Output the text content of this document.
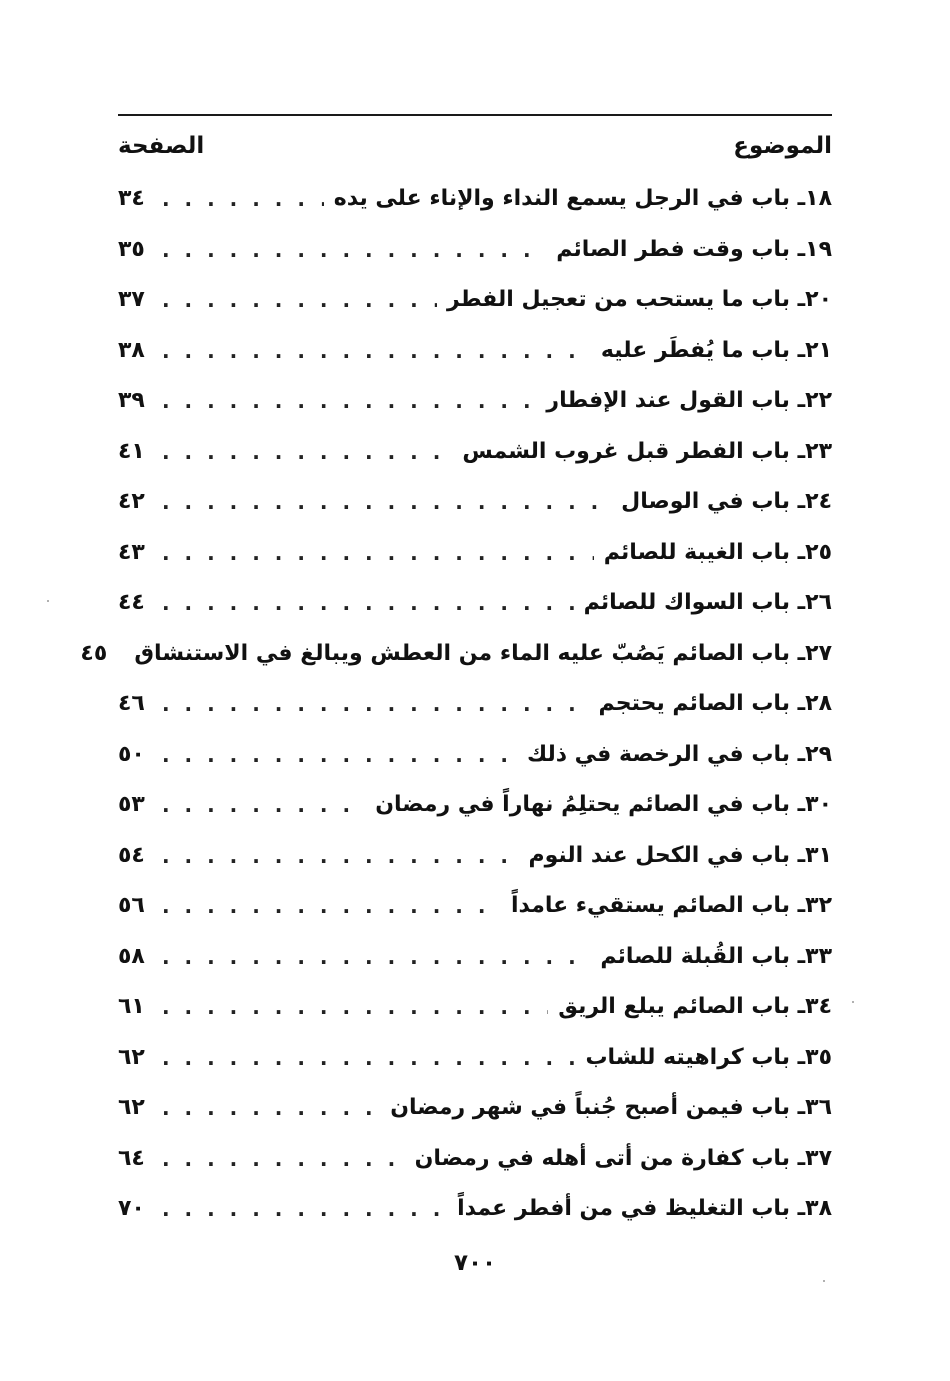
الموضوع
الصفحة
١٨ـ باب في الرجل يسمع النداء والإناء على يده
. . .
٣٤
١٩ـ باب وقت فطر الصائم
. . .
٣٥
٢٠ـ باب ما يستحب من تعجيل الفطر
. . .
٣٧
٢١ـ باب ما يُفطَر عليه
. . .
٣٨
٢٢ـ باب القول عند الإفطار
. . .
٣٩
٢٣ـ باب الفطر قبل غروب الشمس
. . .
٤١
٢٤ـ باب في الوصال
. . .
٤٢
٢٥ـ باب الغيبة للصائم
. . .
٤٣
٢٦ـ باب السواك للصائم
. . .
٤٤
٢٧ـ باب الصائم يَصُبّ عليه الماء من العطش ويبالغ في الاستنشاق
٤٥
٢٨ـ باب الصائم يحتجم
. . .
٤٦
٢٩ـ باب في الرخصة في ذلك
. . .
٥٠
٣٠ـ باب في الصائم يحتلِمُ نهاراً في رمضان
. . .
٥٣
٣١ـ باب في الكحل عند النوم
. . .
٥٤
٣٢ـ باب الصائم يستقيء عامداً
. . .
٥٦
٣٣ـ باب القُبلة للصائم
. . .
٥٨
٣٤ـ باب الصائم يبلع الريق
. . .
٦١
٣٥ـ باب كراهيته للشاب
. . .
٦٢
٣٦ـ باب فيمن أصبح جُنباً في شهر رمضان
. . .
٦٢
٣٧ـ باب كفارة من أتى أهله في رمضان
. . .
٦٤
٣٨ـ باب التغليظ في من أفطر عمداً
. . .
٧٠
٧٠٠
